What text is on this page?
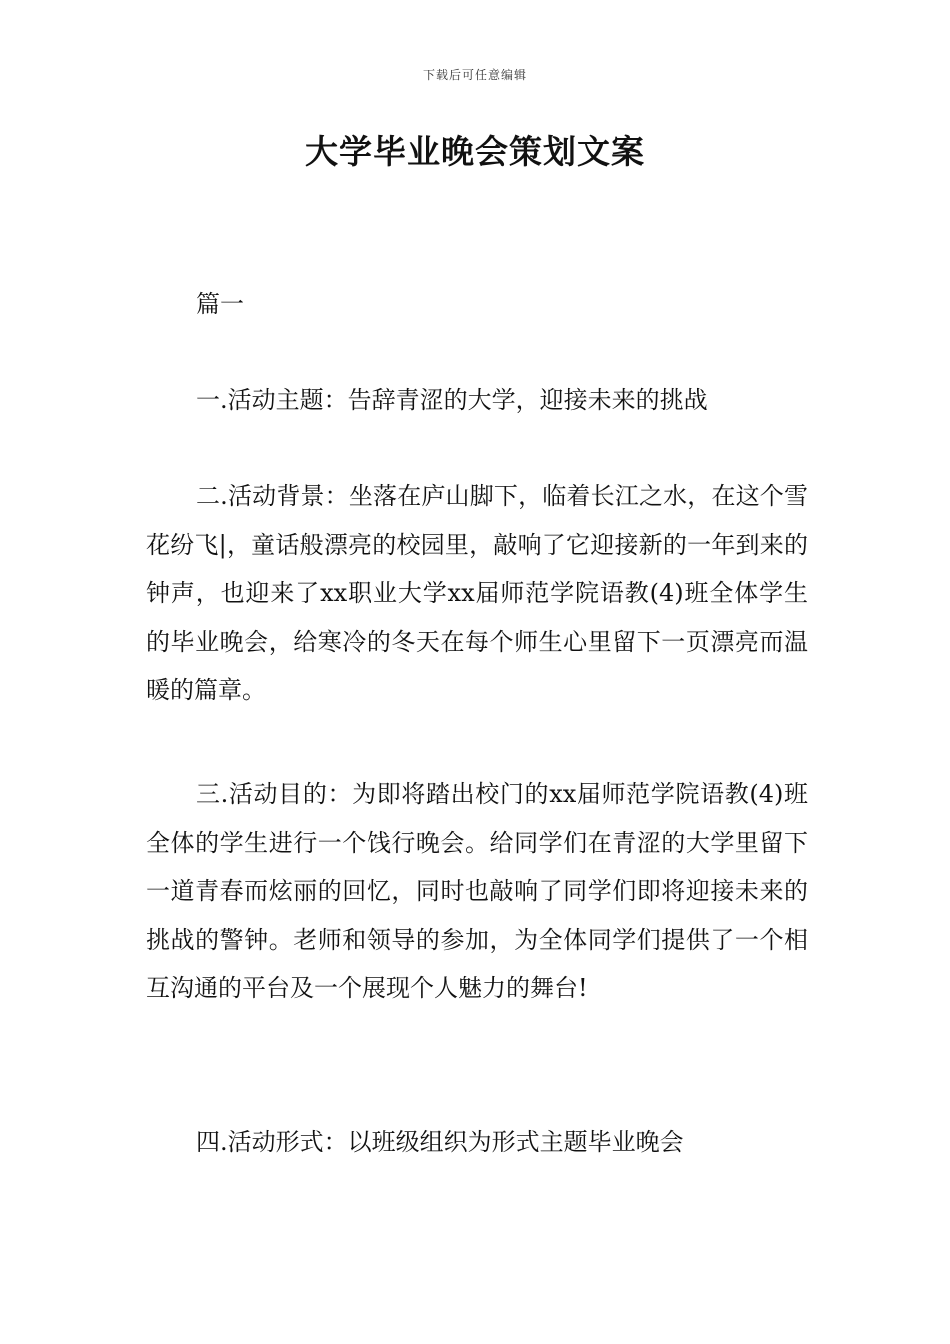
下载后可任意编辑
大学毕业晚会策划文案
篇一

一.活动主题：告辞青涩的大学，迎接未来的挑战

二.活动背景：坐落在庐山脚下，临着长江之水，在这个雪花纷飞|，童话般漂亮的校园里，敲响了它迎接新的一年到来的钟声，也迎来了xx职业大学xx届师范学院语教(4)班全体学生的毕业晚会，给寒冷的冬天在每个师生心里留下一页漂亮而温暖的篇章。

三.活动目的：为即将踏出校门的xx届师范学院语教(4)班全体的学生进行一个饯行晚会。给同学们在青涩的大学里留下一道青春而炫丽的回忆，同时也敲响了同学们即将迎接未来的挑战的警钟。老师和领导的参加，为全体同学们提供了一个相互沟通的平台及一个展现个人魅力的舞台!

四.活动形式：以班级组织为形式主题毕业晚会
